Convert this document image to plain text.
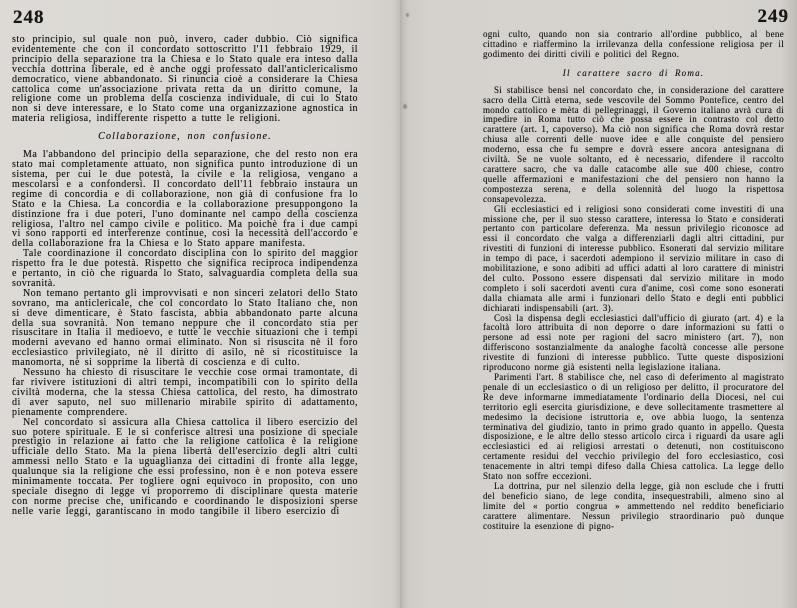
248

sto principio, sul quale non può, invero, cader dubbio. Ciò significa evidentemente che con il concordato sottoscritto l'11 febbraio 1929, il principio della separazione tra la Chiesa e lo Stato quale era inteso dalla vecchia dottrina liberale, ed è anche oggi professato dall'anticlericalismo democratico, viene abbandonato. Si rinuncia cioè a considerare la Chiesa cattolica come un'associazione privata retta da un diritto comune, la religione come un problema della coscienza individuale, di cui lo Stato non si deve interessare, e lo Stato come una organizzazione agnostica in materia religiosa, indifferente rispetto a tutte le religioni.

Collaborazione, non confusione.

Ma l'abbandono del principio della separazione, che del resto non era stato mai completamente attuato, non significa punto introduzione di un sistema, per cui le due potestà, la civile e la religiosa, vengano a mescolarsi e a confondersi. Il concordato dell'11 febbraio instaura un regime di concordia e di collaborazione, non già di confusione fra lo Stato e la Chiesa. La concordia e la collaborazione presuppongono la distinzione fra i due poteri, l'uno dominante nel campo della coscienza religiosa, l'altro nel campo civile e politico. Ma poichè fra i due campi vi sono rapporti ed interferenze continue, così la necessità dell'accordo e della collaborazione fra la Chiesa e lo Stato appare manifesta.

Tale coordinazione il concordato disciplina con lo spirito del maggior rispetto fra le due potestà. Rispetto che significa reciproca indipendenza e pertanto, in ciò che riguarda lo Stato, salvaguardia completa della sua sovranità.

Non temano pertanto gli improvvisati e non sinceri zelatori dello Stato sovrano, ma anticlericale, che col concordato lo Stato Italiano che, non si deve dimenticare, è Stato fascista, abbia abbandonato parte alcuna della sua sovranità. Non temano neppure che il concordato stia per risuscitare in Italia il medioevo, e tutte le vecchie situazioni che i tempi moderni avevano ed hanno ormai eliminato. Non si risuscita nè il foro ecclesiastico privilegiato, nè il diritto di asilo, nè si ricostituisce la manomorta, nè si sopprime la libertà di coscienza e di culto.

Nessuno ha chiesto di risuscitare le vecchie cose ormai tramontate, di far rivivere istituzioni di altri tempi, incompatibili con lo spirito della civiltà moderna, che la stessa Chiesa cattolica, del resto, ha dimostrato di aver saputo, nel suo millenario mirabile spirito di adattamento, pienamente comprendere.

Nel concordato si assicura alla Chiesa cattolica il libero esercizio del suo potere spirituale. E le si conferisce altresì una posizione di speciale prestigio in relazione ai fatto che la religione cattolica è la religione ufficiale dello Stato. Ma la piena libertà dell'esercizio degli altri culti ammessi nello Stato e la uguaglianza dei cittadini di fronte alla legge, qualunque sia la religione che essi professino, non è e non poteva essere minimamente toccata. Per togliere ogni equivoco in proposito, con uno speciale disegno di legge vi proporremo di disciplinare questa materie con norme precise che, unificando e coordinando le disposizioni sperse nelle varie leggi, garantiscano in modo tangibile il libero esercizio di

249

ogni culto, quando non sia contrario all'ordine pubblico, al bene cittadino e riaffermino la irrilevanza della confessione religiosa per il godimento dei diritti civili e politici del Regno.

Il carattere sacro di Roma.

Si stabilisce bensì nel concordato che, in considerazione del carattere sacro della Città eterna, sede vescovile del Sommo Pontefice, centro del mondo cattolico e mèta di pellegrinaggi, il Governo italiano avrà cura di impedire in Roma tutto ciò che possa essere in contrasto col detto carattere (art. 1, capoverso). Ma ciò non significa che Roma dovrà restar chiusa alle correnti delle nuove idee e alle conquiste del pensiero moderno, essa che fu sempre e dovrà essere ancora antesignana di civiltà. Se ne vuole soltanto, ed è necessario, difendere il raccolto carattere sacro, che va dalle catacombe alle sue 400 chiese, contro quelle affermazioni e manifestazioni che del pensiero non hanno la compostezza serena, e della solennità del luogo la rispettosa consapevolezza.

Gli ecclesiastici ed i religiosi sono considerati come investiti di una missione che, per il suo stesso carattere, interessa lo Stato e considerati pertanto con particolare deferenza. Ma nessun privilegio riconosce ad essi il concordato che valga a differenziarli dagli altri cittadini, pur rivestiti di funzioni di interesse pubblico. Esonerati dal servizio militare in tempo di pace, i sacerdoti adempiono il servizio militare in caso di mobilitazione, e sono adibiti ad uffici adatti al loro carattere di ministri del culto. Possono essere dispensati dal servizio militare in modo completo i soli sacerdoti aventi cura d'anime, così come sono esonerati dalla chiamata alle armi i funzionari dello Stato e degli enti pubblici dichiarati indispensabili (art. 3).

Così la dispensa degli ecclesiastici dall'ufficio di giurato (art. 4) e la facoltà loro attribuita di non deporre o dare informazioni su fatti o persone ad essi note per ragioni del sacro ministero (art. 7), non differiscono sostanzialmente da analoghe facoltà concesse alle persone rivestite di funzioni di interesse pubblico. Tutte queste disposizioni riproducono norme già esistenti nella legislazione italiana.

Parimenti l'art. 8 stabilisce che, nel caso di deferimento al magistrato penale di un ecclesiastico o di un religioso per delitto, il procuratore del Re deve informarne immediatamente l'ordinario della Diocesi, nel cui territorio egli esercita giurisdizione, e deve sollecitamente trasmettere al medesimo la decisione istruttoria e, ove abbia luogo, la sentenza terminativa del giudizio, tanto in primo grado quanto in appello. Questa disposizione, e le altre dello stesso articolo circa i riguardi da usare agli ecclesiastici ed ai religiosi arrestati o detenuti, non costituiscono certamente residui del vecchio privilegio del foro ecclesiastico, così tenacemente in altri tempi difeso dalla Chiesa cattolica. La legge dello Stato non soffre eccezioni.

La dottrina, pur nel silenzio della legge, già non esclude che i frutti del beneficio siano, de lege condita, insequestrabili, almeno sino al limite del « portio congrua » ammettendo nel reddito beneficiario carattere alimentare. Nessun privilegio straordinario può dunque costituire la esenzione di pigno-
